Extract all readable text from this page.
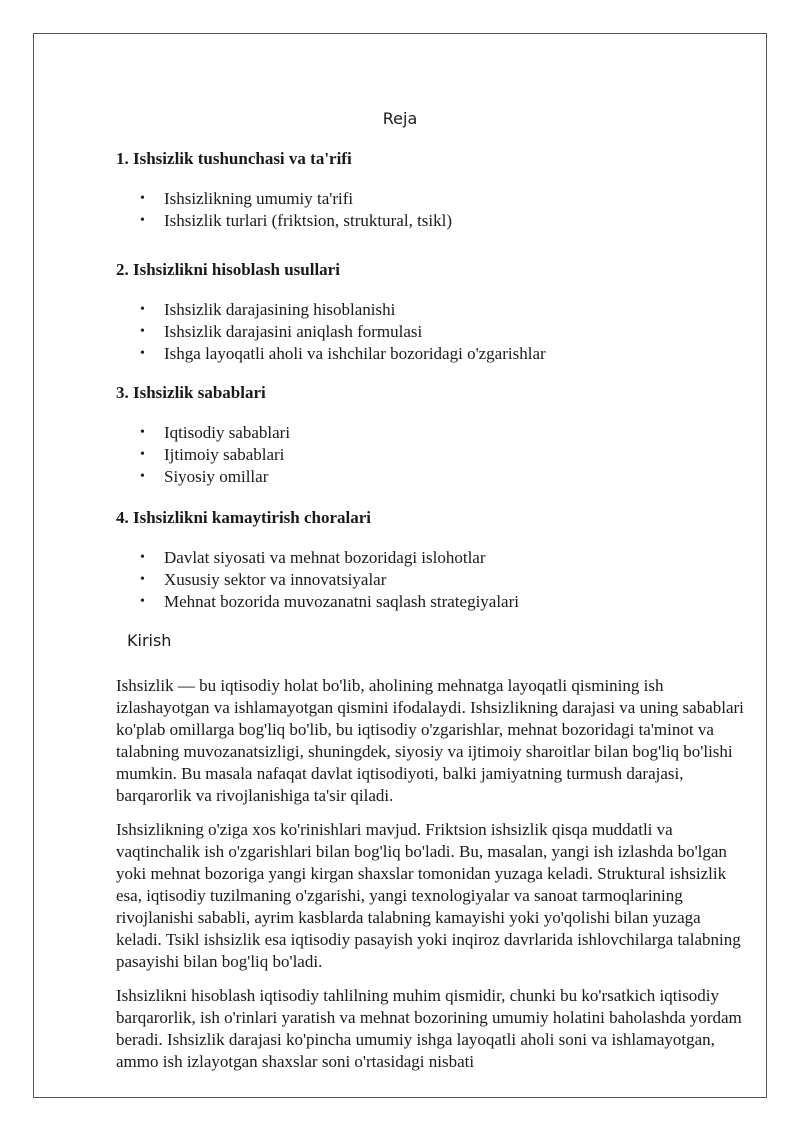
Reja
1. Ishsizlik tushunchasi va ta'rifi
• Ishsizlikning umumiy ta'rifi
• Ishsizlik turlari (friktsion, struktural, tsikl)
2. Ishsizlikni hisoblash usullari
• Ishsizlik darajasining hisoblanishi
• Ishsizlik darajasini aniqlash formulasi
• Ishga layoqatli aholi va ishchilar bozoridagi o'zgarishlar
3. Ishsizlik sabablari
• Iqtisodiy sabablari
• Ijtimoiy sabablari
• Siyosiy omillar
4. Ishsizlikni kamaytirish choralari
• Davlat siyosati va mehnat bozoridagi islohotlar
• Xususiy sektor va innovatsiyalar
• Mehnat bozorida muvozanatni saqlash strategiyalari
Kirish

Ishsizlik — bu iqtisodiy holat bo'lib, aholining mehnatga layoqatli qismining ish izlashayotgan va ishlamayotgan qismini ifodalaydi. Ishsizlikning darajasi va uning sabablari ko'plab omillarga bog'liq bo'lib, bu iqtisodiy o'zgarishlar, mehnat bozoridagi ta'minot va talabning muvozanatsizligi, shuningdek, siyosiy va ijtimoiy sharoitlar bilan bog'liq bo'lishi mumkin. Bu masala nafaqat davlat iqtisodiyoti, balki jamiyatning turmush darajasi, barqarorlik va rivojlanishiga ta'sir qiladi.

Ishsizlikning o'ziga xos ko'rinishlari mavjud. Friktsion ishsizlik qisqa muddatli va vaqtinchalik ish o'zgarishlari bilan bog'liq bo'ladi. Bu, masalan, yangi ish izlashda bo'lgan yoki mehnat bozoriga yangi kirgan shaxslar tomonidan yuzaga keladi. Struktural ishsizlik esa, iqtisodiy tuzilmaning o'zgarishi, yangi texnologiyalar va sanoat tarmoqlarining rivojlanishi sababli, ayrim kasblarda talabning kamayishi yoki yo'qolishi bilan yuzaga keladi. Tsikl ishsizlik esa iqtisodiy pasayish yoki inqiroz davrlarida ishlovchilarga talabning pasayishi bilan bog'liq bo'ladi.

Ishsizlikni hisoblash iqtisodiy tahlilning muhim qismidir, chunki bu ko'rsatkich iqtisodiy barqarorlik, ish o'rinlari yaratish va mehnat bozorining umumiy holatini baholashda yordam beradi. Ishsizlik darajasi ko'pincha umumiy ishga layoqatli aholi soni va ishlamayotgan, ammo ish izlayotgan shaxslar soni o'rtasidagi nisbati
